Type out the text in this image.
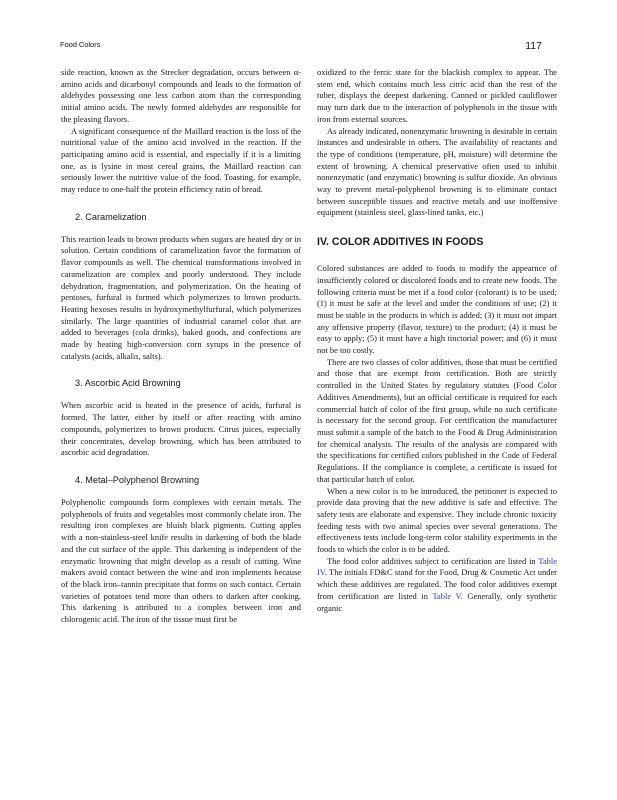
Food Colors	117

side reaction, known as the Strecker degradation, occurs between α-amino acids and dicarbonyl compounds and leads to the formation of aldehydes possessing one less carbon atom than the corresponding initial amino acids. The newly formed aldehydes are responsible for the pleasing flavors.

A significant consequence of the Maillard reaction is the loss of the nutritional value of the amino acid involved in the reaction. If the participating amino acid is essential, and especially if it is a limiting one, as is lysine in most cereal grains, the Maillard reaction can seriously lower the nutritive value of the food. Toasting, for example, may reduce to one-half the protein efficiency ratio of bread.

2. Caramelization

This reaction leads to brown products when sugars are heated dry or in solution. Certain conditions of caramelization favor the formation of flavor compounds as well. The chemical transformations involved in caramelization are complex and poorly understood. They include dehydration, fragmentation, and polymerization. On the heating of pentoses, furfural is formed which polymerizes to brown products. Heating hexoses results in hydroxymethylfurfural, which polymerizes similarly. The large quantities of industrial caramel color that are added to beverages (cola drinks), baked goods, and confections are made by heating high-conversion corn syrups in the presence of catalysts (acids, alkalis, salts).

3. Ascorbic Acid Browning

When ascorbic acid is heated in the presence of acids, furfural is formed. The latter, either by itself or after reacting with amino compounds, polymerizes to brown products. Citrus juices, especially their concentrates, develop browning, which has been attributed to ascorbic acid degradation.

4. Metal–Polyphenol Browning

Polyphenolic compounds form complexes with certain metals. The polyphenols of fruits and vegetables most commonly chelate iron. The resulting iron complexes are bluish black pigments. Cutting apples with a non-stainless-steel knife results in darkening of both the blade and the cut surface of the apple. This darkening is independent of the enzymatic browning that might develop as a result of cutting. Wine makers avoid contact between the wine and iron implements because of the black iron–tannin precipitate that forms on such contact. Certain varieties of potatoes tend more than others to darken after cooking. This darkening is attributed to a complex between iron and chlorogenic acid. The iron of the tissue must first be

oxidized to the ferric state for the blackish complex to appear. The stem end, which contains much less citric acid than the rest of the tuber, displays the deepest darkening. Canned or pickled cauliflower may turn dark due to the interaction of polyphenols in the tissue with iron from external sources.

As already indicated, nonenzymatic browning is desirable in certain instances and undesirable in others. The availability of reactants and the type of conditions (temperature, pH, moisture) will determine the extent of browning. A chemical preservative often used to inhibit nonenzymatic (and enzymatic) browning is sulfur dioxide. An obvious way to prevent metal-polyphenol browning is to eliminate contact between susceptible tissues and reactive metals and use inoffensive equipment (stainless steel, glass-lined tanks, etc.)

IV. COLOR ADDITIVES IN FOODS

Colored substances are added to foods to modify the appearnce of insufficiently colored or discolored foods and to create new foods. The following criteria must be met if a food color (colorant) is to be used; (1) it must be safe at the level and under the conditions of use; (2) it must be stable in the products in which is added; (3) it must not impart any offensive property (flavor, texture) to the product; (4) it must be easy to apply; (5) it must have a high tinctorial power; and (6) it must not be too costly.

There are two classes of color additives, those that must be certified and those that are exempt from certification. Both are strictly controlled in the United States by regulatory statutes (Food Color Additives Amendments), but an official certificate is required for each commercial batch of color of the first group, while no such certificate is necessary for the second group. For certification the manufacturer must submit a sample of the batch to the Food & Drug Administration for chemical analysis. The results of the analysis are compared with the specifications for certified colors published in the Code of Federal Regulations. If the compliance is complete, a certificate is issued for that particular batch of color.

When a new color is to be introduced, the petitioner is expected to provide data proving that the new additive is safe and effective. The safety tests are elaborate and expensive. They include chronic toxicity feeding tests with two animal species over several generations. The effectiveness tests include long-term color stability experiments in the foods to which the color is to be added.

The food color additives subject to certification are listed in Table IV. The initials FD&C stand for the Food, Drug & Cosmetic Act under which these additives are regulated. The food color additives exempt from certification are listed in Table V. Generally, only synthetic organic
